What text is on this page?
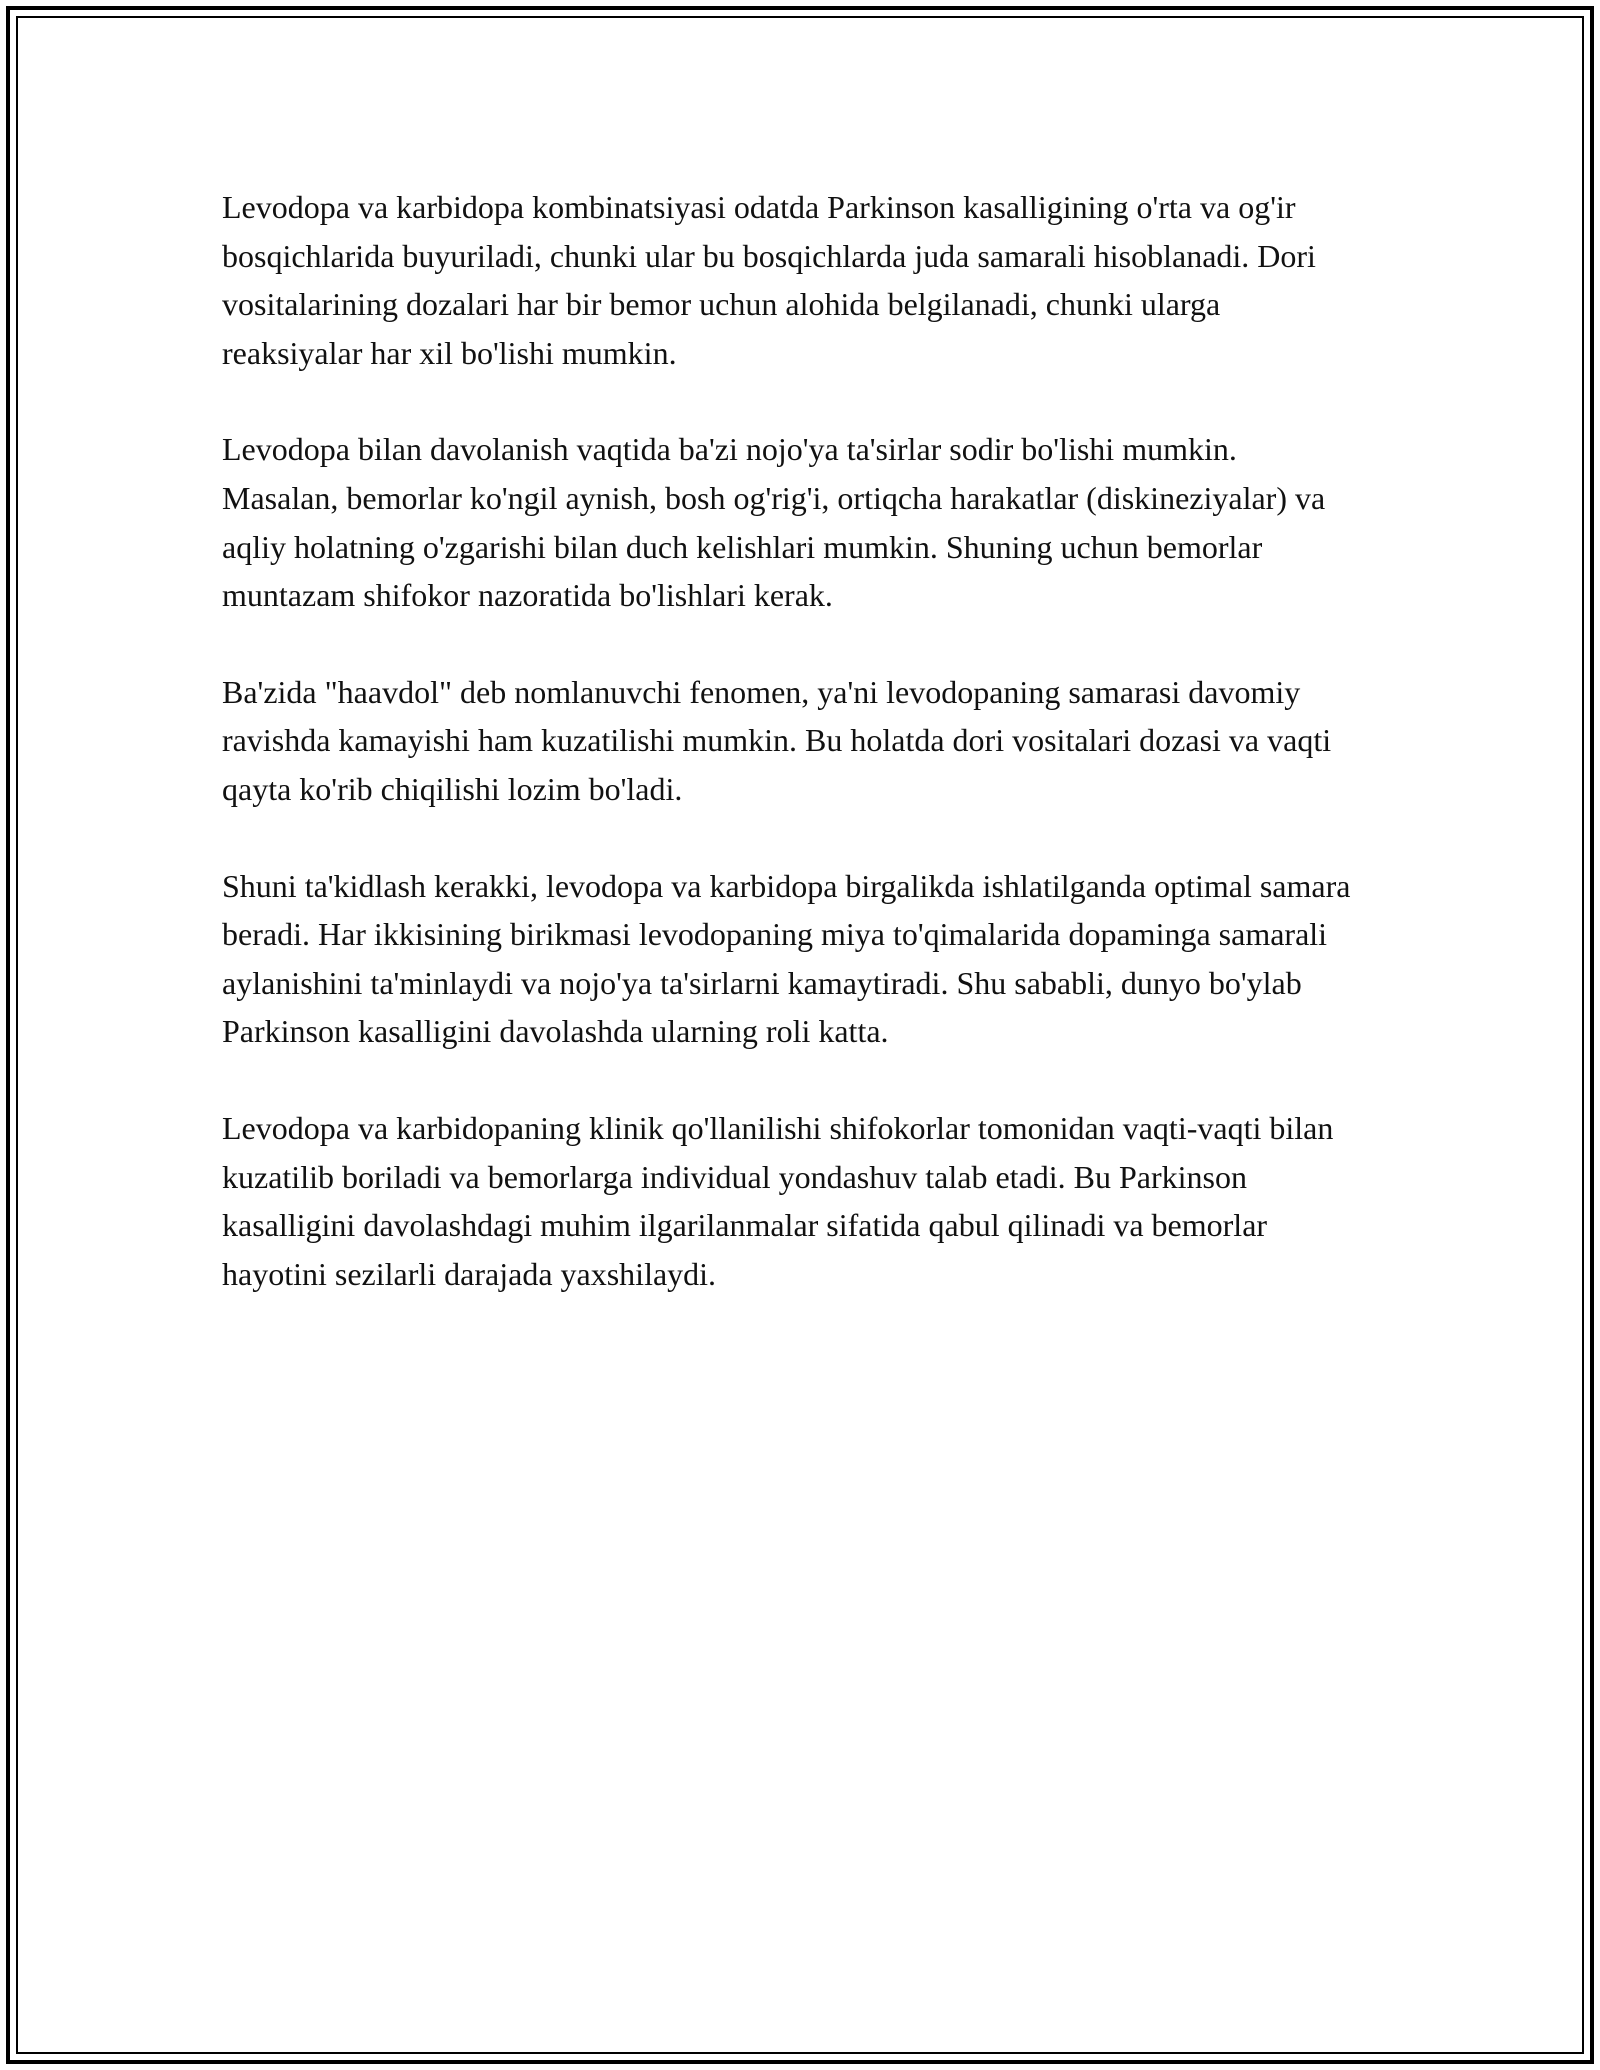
Levodopa va karbidopa kombinatsiyasi odatda Parkinson kasalligining o'rta va og'ir bosqichlarida buyuriladi, chunki ular bu bosqichlarda juda samarali hisoblanadi. Dori vositalarining dozalari har bir bemor uchun alohida belgilanadi, chunki ularga reaksiyalar har xil bo'lishi mumkin.

Levodopa bilan davolanish vaqtida ba'zi nojo'ya ta'sirlar sodir bo'lishi mumkin. Masalan, bemorlar ko'ngil aynish, bosh og'rig'i, ortiqcha harakatlar (diskineziyalar) va aqliy holatning o'zgarishi bilan duch kelishlari mumkin. Shuning uchun bemorlar muntazam shifokor nazoratida bo'lishlari kerak.

Ba'zida "haavdol" deb nomlanuvchi fenomen, ya'ni levodopaning samarasi davomiy ravishda kamayishi ham kuzatilishi mumkin. Bu holatda dori vositalari dozasi va vaqti qayta ko'rib chiqilishi lozim bo'ladi.

Shuni ta'kidlash kerakki, levodopa va karbidopa birgalikda ishlatilganda optimal samara beradi. Har ikkisining birikmasi levodopaning miya to'qimalarida dopaminga samarali aylanishini ta'minlaydi va nojo'ya ta'sirlarni kamaytiradi. Shu sababli, dunyo bo'ylab Parkinson kasalligini davolashda ularning roli katta.

Levodopa va karbidopaning klinik qo'llanilishi shifokorlar tomonidan vaqti-vaqti bilan kuzatilib boriladi va bemorlarga individual yondashuv talab etadi. Bu Parkinson kasalligini davolashdagi muhim ilgarilanmalar sifatida qabul qilinadi va bemorlar hayotini sezilarli darajada yaxshilaydi.
